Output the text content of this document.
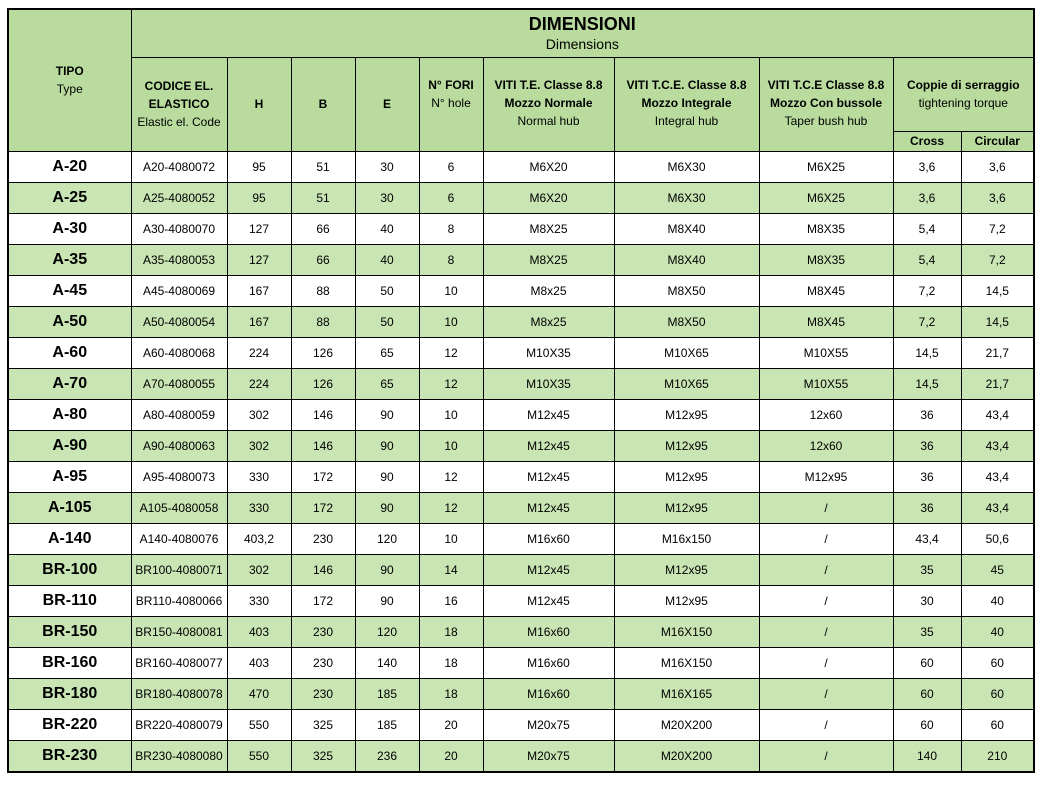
TIPO
Type	DIMENSIONI
Dimensions									

	CODICE EL.
ELASTICO
Elastic el. Code	H	B	E	N° FORI
N° hole	VITI T.E. Classe 8.8
Mozzo Normale
Normal hub	VITI T.C.E. Classe 8.8
Mozzo Integrale
Integral hub	VITI T.C.E Classe 8.8
Mozzo Con bussole
Taper bush hub	Coppie di serraggio
tightening torque	

									Cross	Circular

A-20	A20-4080072	95	51	30	6	M6X20	M6X30	M6X25	3,6	3,6
A-25	A25-4080052	95	51	30	6	M6X20	M6X30	M6X25	3,6	3,6
A-30	A30-4080070	127	66	40	8	M8X25	M8X40	M8X35	5,4	7,2
A-35	A35-4080053	127	66	40	8	M8X25	M8X40	M8X35	5,4	7,2
A-45	A45-4080069	167	88	50	10	M8x25	M8X50	M8X45	7,2	14,5
A-50	A50-4080054	167	88	50	10	M8x25	M8X50	M8X45	7,2	14,5
A-60	A60-4080068	224	126	65	12	M10X35	M10X65	M10X55	14,5	21,7
A-70	A70-4080055	224	126	65	12	M10X35	M10X65	M10X55	14,5	21,7
A-80	A80-4080059	302	146	90	10	M12x45	M12x95	12x60	36	43,4
A-90	A90-4080063	302	146	90	10	M12x45	M12x95	12x60	36	43,4
A-95	A95-4080073	330	172	90	12	M12x45	M12x95	M12x95	36	43,4
A-105	A105-4080058	330	172	90	12	M12x45	M12x95	/	36	43,4
A-140	A140-4080076	403,2	230	120	10	M16x60	M16x150	/	43,4	50,6
BR-100	BR100-4080071	302	146	90	14	M12x45	M12x95	/	35	45
BR-110	BR110-4080066	330	172	90	16	M12x45	M12x95	/	30	40
BR-150	BR150-4080081	403	230	120	18	M16x60	M16X150	/	35	40
BR-160	BR160-4080077	403	230	140	18	M16x60	M16X150	/	60	60
BR-180	BR180-4080078	470	230	185	18	M16x60	M16X165	/	60	60
BR-220	BR220-4080079	550	325	185	20	M20x75	M20X200	/	60	60
BR-230	BR230-4080080	550	325	236	20	M20x75	M20X200	/	140	210
